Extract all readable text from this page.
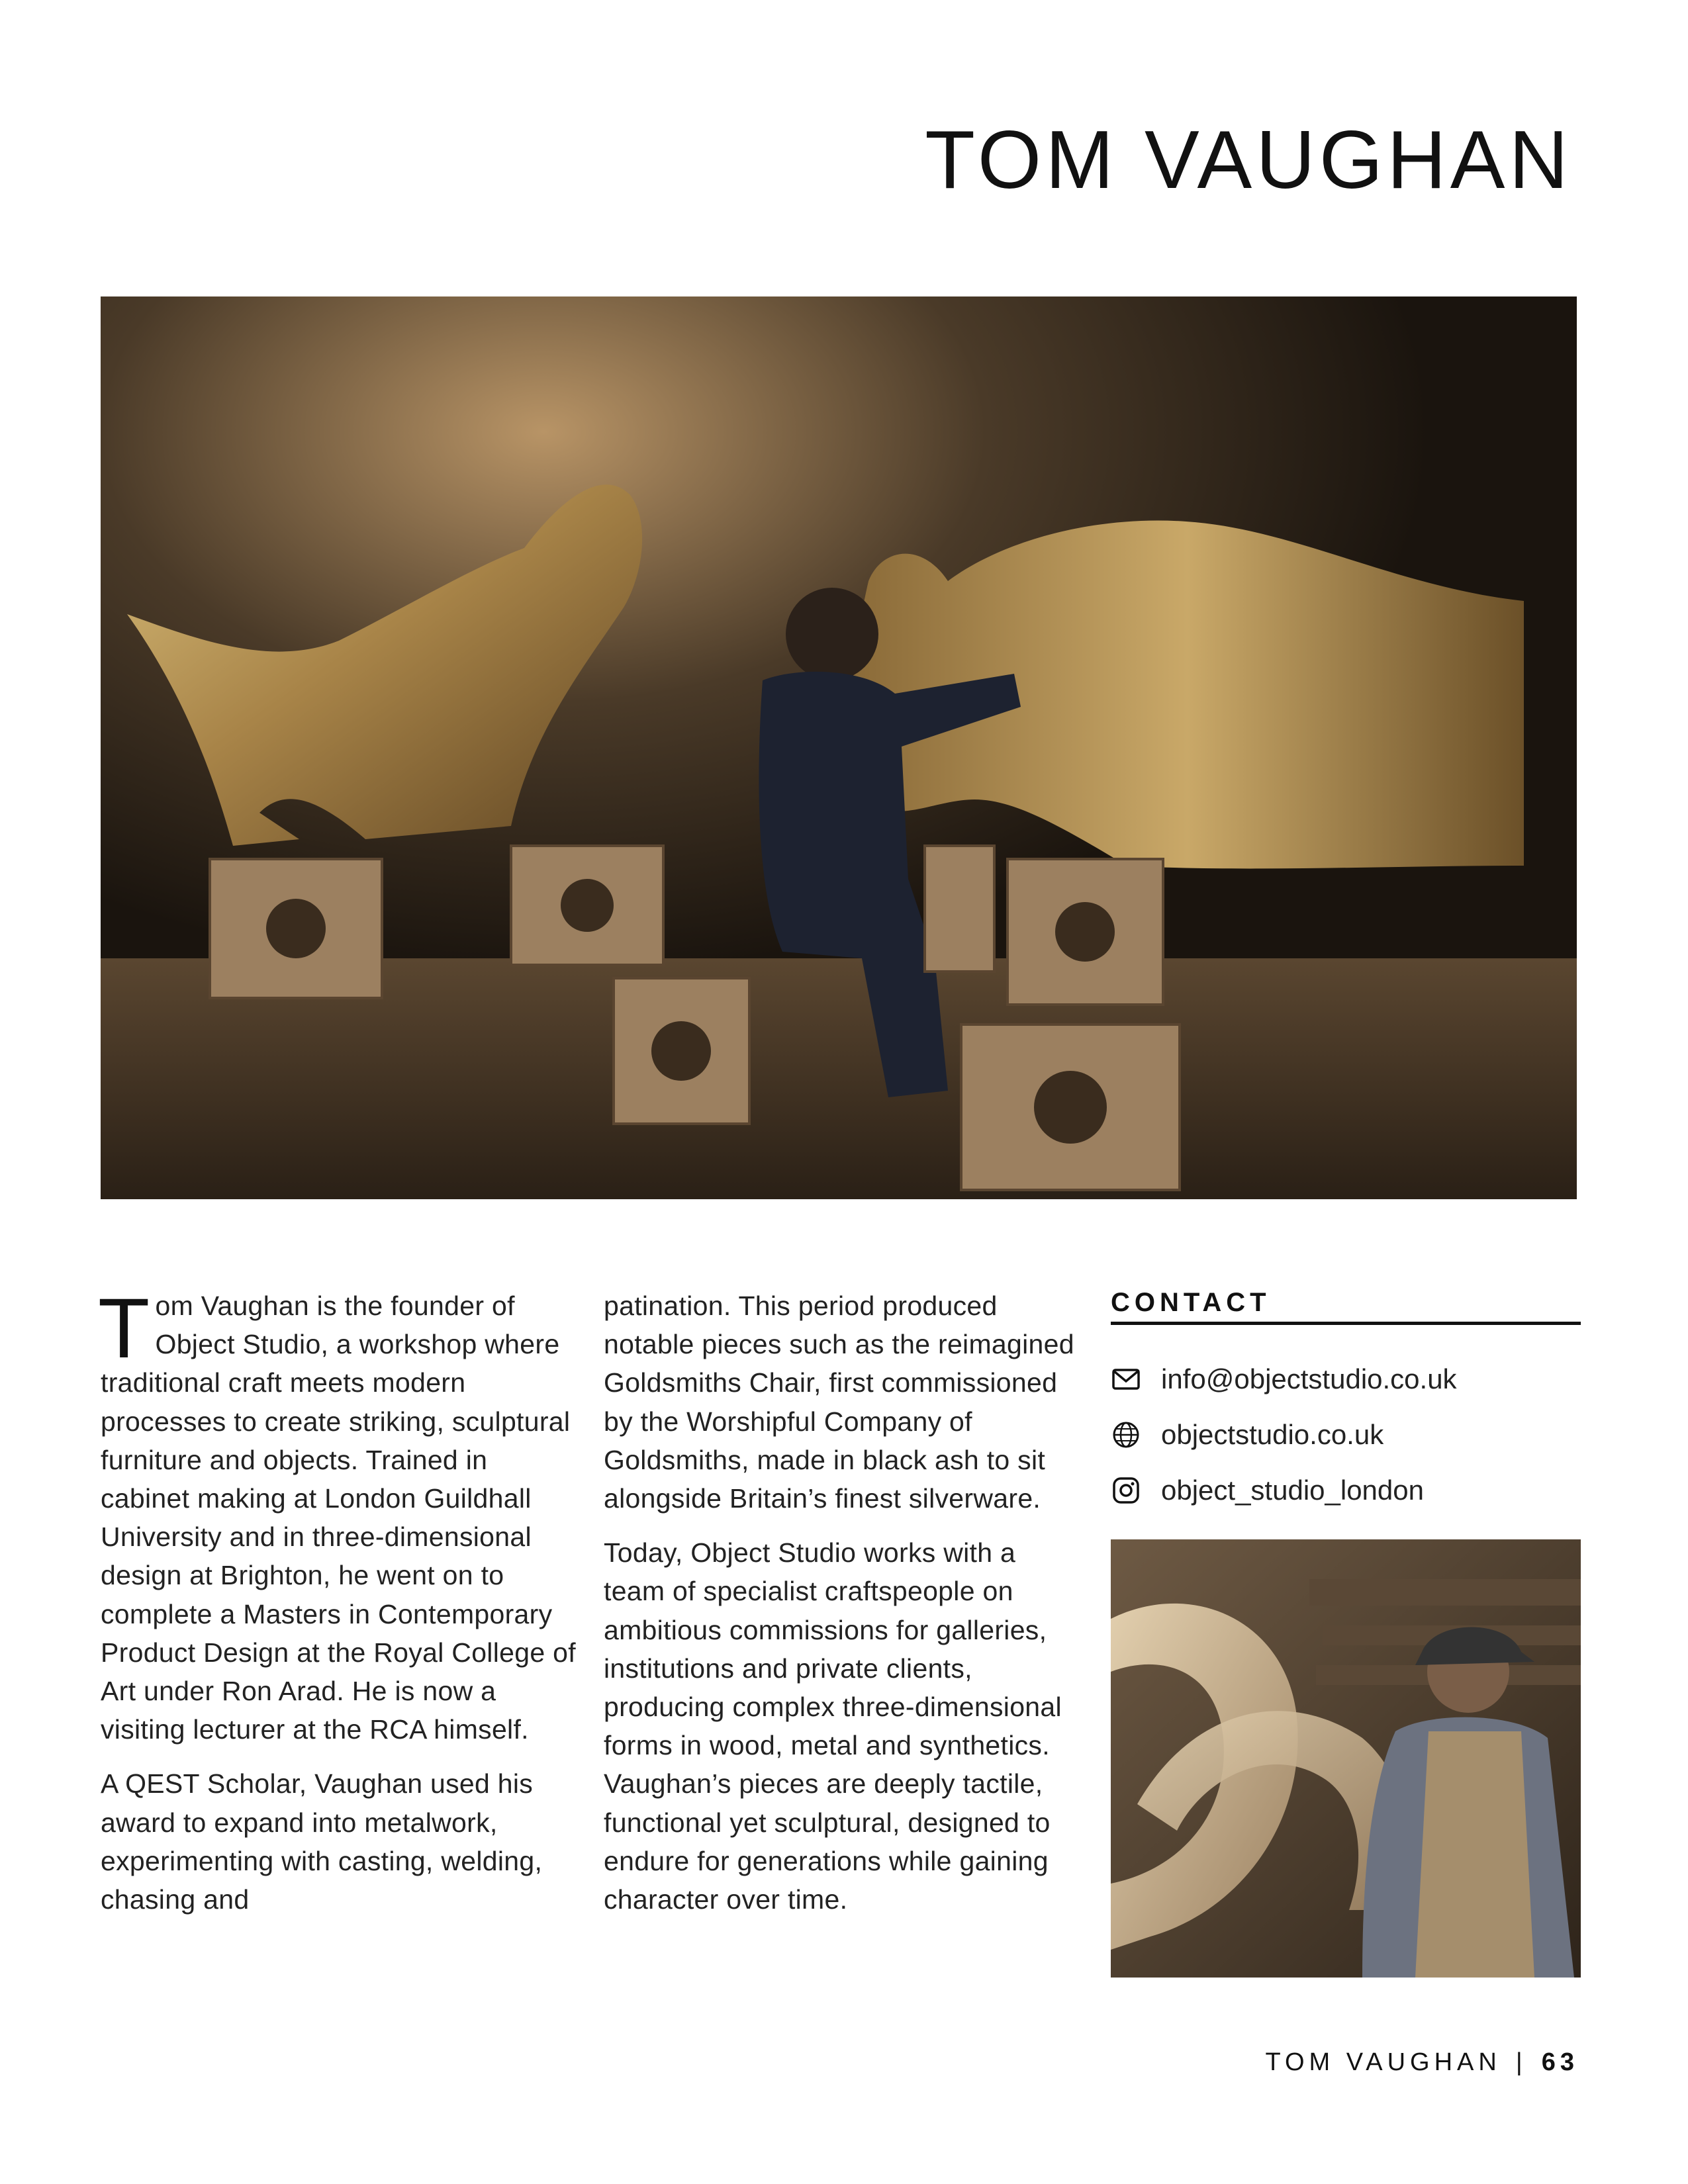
TOM VAUGHAN

Tom Vaughan is the founder of Object Studio, a workshop where traditional craft meets modern processes to create striking, sculptural furniture and objects. Trained in cabinet making at London Guildhall University and in three-dimensional design at Brighton, he went on to complete a Masters in Contemporary Product Design at the Royal College of Art under Ron Arad. He is now a visiting lecturer at the RCA himself.

A QEST Scholar, Vaughan used his award to expand into metalwork, experimenting with casting, welding, chasing and

patination. This period produced notable pieces such as the reimagined Goldsmiths Chair, first commissioned by the Worshipful Company of Goldsmiths, made in black ash to sit alongside Britain’s finest silverware.

Today, Object Studio works with a team of specialist craftspeople on ambitious commissions for galleries, institutions and private clients, producing complex three-dimensional forms in wood, metal and synthetics. Vaughan’s pieces are deeply tactile, functional yet sculptural, designed to endure for generations while gaining character over time.

CONTACT
info@objectstudio.co.uk
objectstudio.co.uk
object_studio_london
TOM VAUGHAN | 63
